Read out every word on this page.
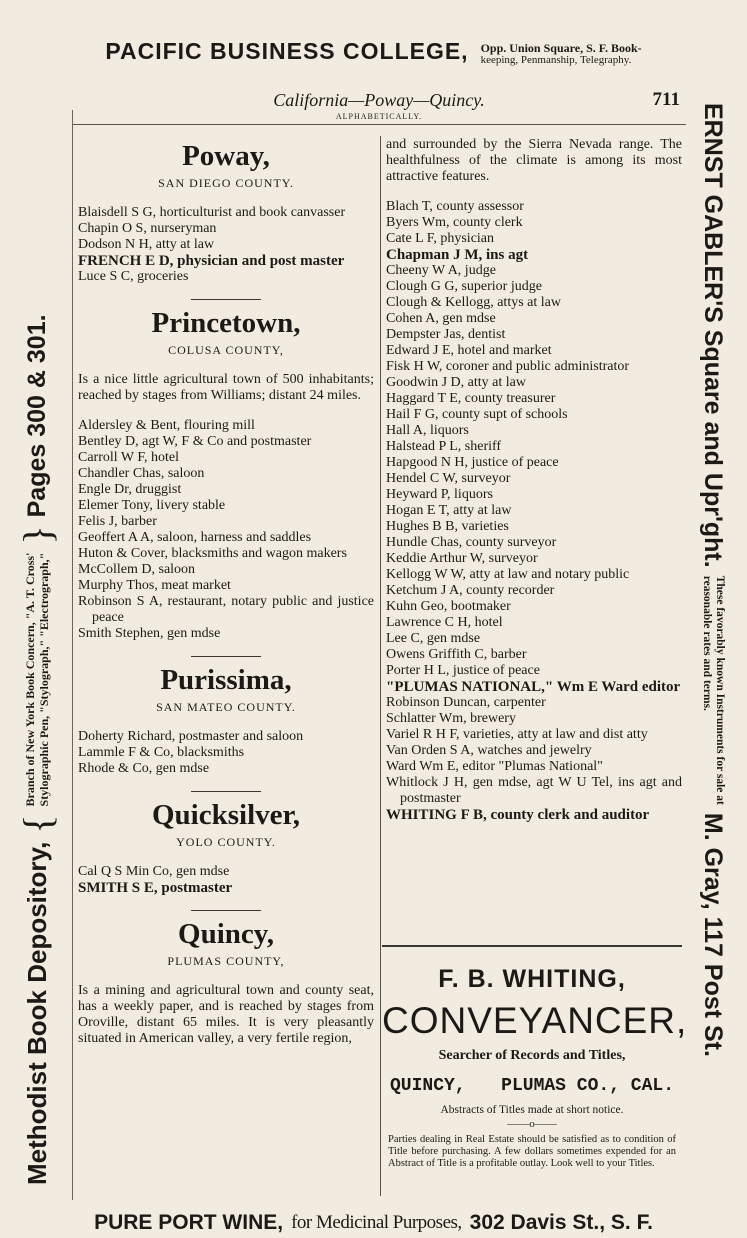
PACIFIC BUSINESS COLLEGE, Opp. Union Square, S. F. Book-
keeping, Penmanship, Telegraphy.
Methodist Book Depository,
{
Branch of New York Book Concern, "A. T. Cross' Stylographic Pen, "Stylograph," "Electrograph,"
}
Pages 300 & 301.	ERNST GABLER'S Square and Upr'ght.
These favorably known Instruments for sale at
reasonable rates and terms.
M. Gray, 117 Post St.
PURE PORT WINE, for Medicinal Purposes, 302 Davis St., S. F.
California—Poway—Quincy.	711
ALPHABETICALLY.
Poway,
SAN DIEGO COUNTY.
Blaisdell S G, horticulturist and book canvasser
Chapin O S, nurseryman
Dodson N H, atty at law
FRENCH E D, physician and post master
Luce S C, groceries
Princetown,
COLUSA COUNTY,
Is a nice little agricultural town of 500 inhabitants; reached by stages from Williams; distant 24 miles.
Aldersley & Bent, flouring mill
Bentley D, agt W, F & Co and postmaster
Carroll W F, hotel
Chandler Chas, saloon
Engle Dr, druggist
Elemer Tony, livery stable
Felis J, barber
Geoffert A A, saloon, harness and saddles
Huton & Cover, blacksmiths and wagon makers
McCollem D, saloon
Murphy Thos, meat market
Robinson S A, restaurant, notary public and justice peace
Smith Stephen, gen mdse
Purissima,
SAN MATEO COUNTY.
Doherty Richard, postmaster and saloon
Lammle F & Co, blacksmiths
Rhode & Co, gen mdse
Quicksilver,
YOLO COUNTY.
Cal Q S Min Co, gen mdse
SMITH S E, postmaster
Quincy,
PLUMAS COUNTY,
Is a mining and agricultural town and county seat, has a weekly paper, and is reached by stages from Oroville, distant 65 miles. It is very pleasantly situated in American valley, a very fertile region,
and surrounded by the Sierra Nevada range. The healthfulness of the climate is among its most attractive features.
Blach T, county assessor
Byers Wm, county clerk
Cate L F, physician
Chapman J M, ins agt
Cheeny W A, judge
Clough G G, superior judge
Clough & Kellogg, attys at law
Cohen A, gen mdse
Dempster Jas, dentist
Edward J E, hotel and market
Fisk H W, coroner and public administrator
Goodwin J D, atty at law
Haggard T E, county treasurer
Hail F G, county supt of schools
Hall A, liquors
Halstead P L, sheriff
Hapgood N H, justice of peace
Hendel C W, surveyor
Heyward P, liquors
Hogan E T, atty at law
Hughes B B, varieties
Hundle Chas, county surveyor
Keddie Arthur W, surveyor
Kellogg W W, atty at law and notary public
Ketchum J A, county recorder
Kuhn Geo, bootmaker
Lawrence C H, hotel
Lee C, gen mdse
Owens Griffith C, barber
Porter H L, justice of peace
"PLUMAS NATIONAL," Wm E Ward editor
Robinson Duncan, carpenter
Schlatter Wm, brewery
Variel R H F, varieties, atty at law and dist atty
Van Orden S A, watches and jewelry
Ward Wm E, editor "Plumas National"
Whitlock J H, gen mdse, agt W U Tel, ins agt and postmaster
WHITING F B, county clerk and auditor
F. B. WHITING,
CONVEYANCER,
Searcher of Records and Titles,
QUINCY, PLUMAS CO., CAL.
Abstracts of Titles made at short notice.
——o——
Parties dealing in Real Estate should be satisfied as to condition of Title before purchasing. A few dollars sometimes expended for an Abstract of Title is a profitable outlay. Look well to your Titles.
